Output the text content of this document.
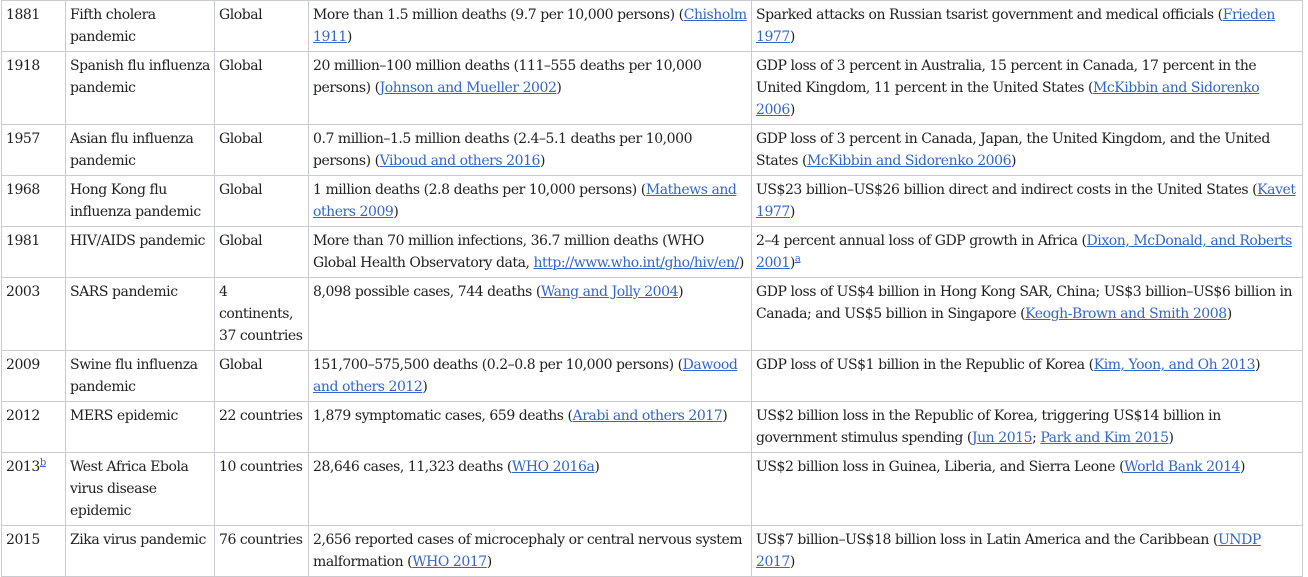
1881	Fifth cholera pandemic	Global	More than 1.5 million deaths (9.7 per 10,000 persons) (Chisholm 1911)	Sparked attacks on Russian tsarist government and medical officials (Frieden 1977)
1918	Spanish flu influenza pandemic	Global	20 million–100 million deaths (111–555 deaths per 10,000 persons) (Johnson and Mueller 2002)	GDP loss of 3 percent in Australia, 15 percent in Canada, 17 percent in the United Kingdom, 11 percent in the United States (McKibbin and Sidorenko 2006)
1957	Asian flu influenza pandemic	Global	0.7 million–1.5 million deaths (2.4–5.1 deaths per 10,000 persons) (Viboud and others 2016)	GDP loss of 3 percent in Canada, Japan, the United Kingdom, and the United States (McKibbin and Sidorenko 2006)
1968	Hong Kong flu influenza pandemic	Global	1 million deaths (2.8 deaths per 10,000 persons) (Mathews and others 2009)	US$23 billion–US$26 billion direct and indirect costs in the United States (Kavet 1977)
1981	HIV/AIDS pandemic	Global	More than 70 million infections, 36.7 million deaths (WHO Global Health Observatory data, http://www.who.int/gho/hiv/en/)	2–4 percent annual loss of GDP growth in Africa (Dixon, McDonald, and Roberts 2001)$^a$
2003	SARS pandemic	4 continents, 37 countries	8,098 possible cases, 744 deaths (Wang and Jolly 2004)	GDP loss of US$4 billion in Hong Kong SAR, China; US$3 billion–US$6 billion in Canada; and US$5 billion in Singapore (Keogh-Brown and Smith 2008)
2009	Swine flu influenza pandemic	Global	151,700–575,500 deaths (0.2–0.8 per 10,000 persons) (Dawood and others 2012)	GDP loss of US$1 billion in the Republic of Korea (Kim, Yoon, and Oh 2013)
2012	MERS epidemic	22 countries	1,879 symptomatic cases, 659 deaths (Arabi and others 2017)	US$2 billion loss in the Republic of Korea, triggering US$14 billion in government stimulus spending (Jun 2015; Park and Kim 2015)
2013$^b$	West Africa Ebola virus disease epidemic	10 countries	28,646 cases, 11,323 deaths (WHO 2016a)	US$2 billion loss in Guinea, Liberia, and Sierra Leone (World Bank 2014)
2015	Zika virus pandemic	76 countries	2,656 reported cases of microcephaly or central nervous system malformation (WHO 2017)	US$7 billion–US$18 billion loss in Latin America and the Caribbean (UNDP 2017)
